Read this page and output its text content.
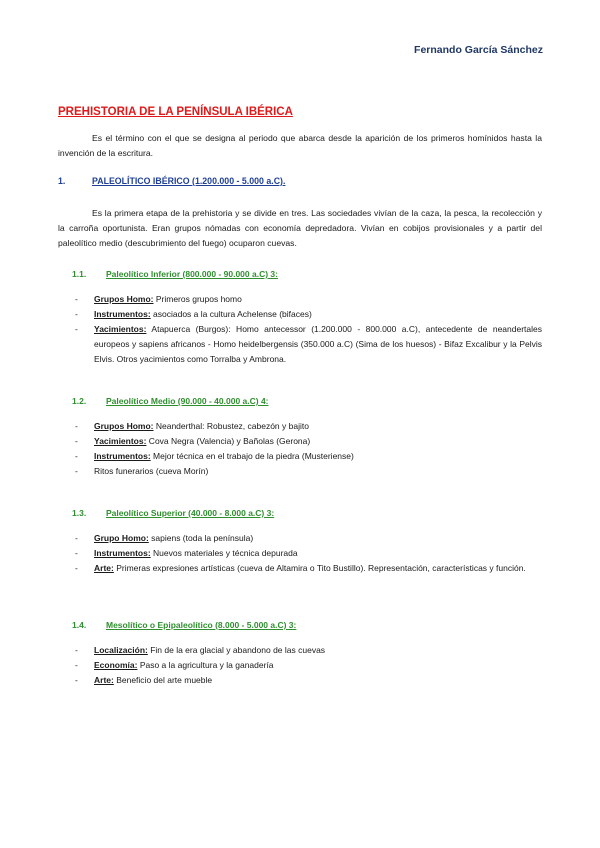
Fernando García Sánchez
PREHISTORIA DE LA PENÍNSULA IBÉRICA

Es el término con el que se designa al periodo que abarca desde la aparición de los primeros homínidos hasta la invención de la escritura.

1.	PALEOLÍTICO IBÉRICO (1.200.000 - 5.000 a.C).

Es la primera etapa de la prehistoria y se divide en tres. Las sociedades vivían de la caza, la pesca, la recolección y la carroña oportunista. Eran grupos nómadas con economía depredadora. Vivían en cobijos provisionales y a partir del paleolítico medio (descubrimiento del fuego) ocuparon cuevas.

1.1. Paleolítico Inferior (800.000 - 90.000 a.C) 3:
- Grupos Homo: Primeros grupos homo
- Instrumentos: asociados a la cultura Achelense (bifaces)
- Yacimientos: Atapuerca (Burgos): Homo antecessor (1.200.000 - 800.000 a.C), antecedente de neandertales europeos y sapiens africanos - Homo heidelbergensis (350.000 a.C) (Sima de los huesos) - Bifaz Excalibur y la Pelvis Elvis. Otros yacimientos como Torralba y Ambrona.
1.2. Paleolítico Medio (90.000 - 40.000 a.C) 4:
- Grupos Homo: Neanderthal: Robustez, cabezón y bajito
- Yacimientos: Cova Negra (Valencia) y Bañolas (Gerona)
- Instrumentos: Mejor técnica en el trabajo de la piedra (Musteriense)
- Ritos funerarios (cueva Morín)
1.3. Paleolítico Superior (40.000 - 8.000 a.C) 3:
- Grupo Homo: sapiens (toda la península)
- Instrumentos: Nuevos materiales y técnica depurada
- Arte: Primeras expresiones artísticas (cueva de Altamira o Tito Bustillo). Representación, características y función.
1.4. Mesolítico o Epipaleolítico (8.000 - 5.000 a.C) 3:
- Localización: Fin de la era glacial y abandono de las cuevas
- Economía: Paso a la agricultura y la ganadería
- Arte: Beneficio del arte mueble
